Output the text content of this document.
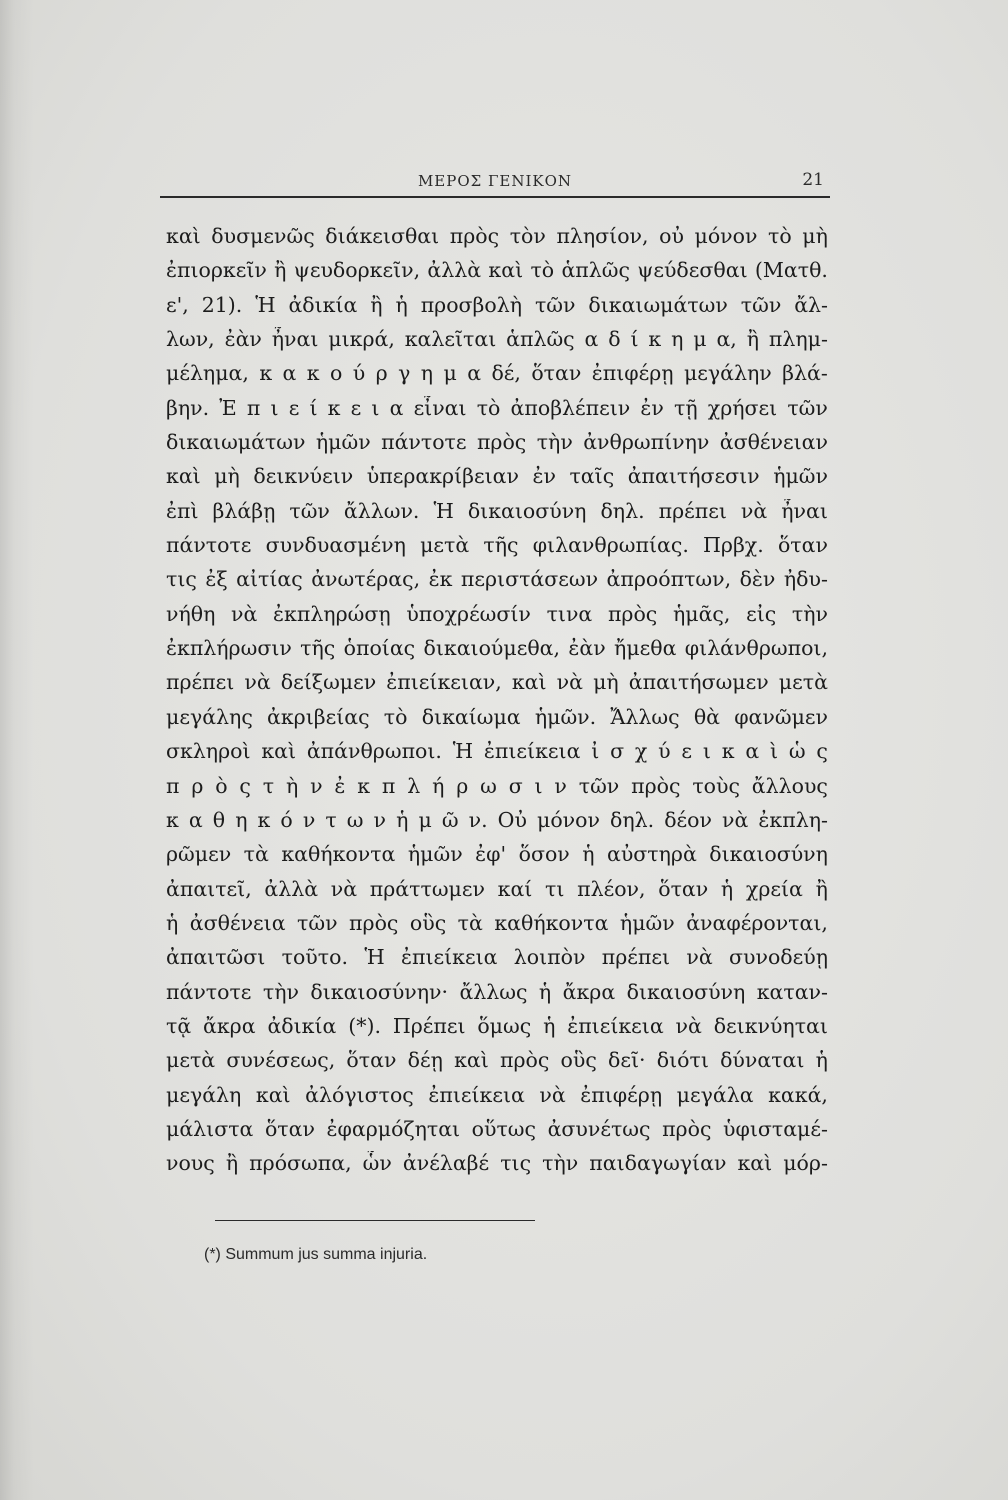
ΜΕΡΟΣ ΓΕΝΙΚΟΝ	21
καὶ δυσμενῶς διάκεισθαι πρὸς τὸν πλησίον, οὐ μόνον τὸ μὴ
ἐπιορκεῖν ἢ ψευδορκεῖν, ἀλλὰ καὶ τὸ ἁπλῶς ψεύδεσθαι (Ματθ.
ε', 21). Ἡ ἀδικία ἢ ἡ προσβολὴ τῶν δικαιωμάτων τῶν ἄλ-
λων, ἐὰν ἦναι μικρά, καλεῖται ἁπλῶς α δ ί κ η μ α, ἢ πλημ-
μέλημα, κ α κ ο ύ ρ γ η μ α δέ, ὅταν ἐπιφέρῃ μεγάλην βλά-
βην. Ἐ π ι ε ί κ ε ι α εἶναι τὸ ἀποβλέπειν ἐν τῇ χρήσει τῶν
δικαιωμάτων ἡμῶν πάντοτε πρὸς τὴν ἀνθρωπίνην ἀσθένειαν
καὶ μὴ δεικνύειν ὑπερακρίβειαν ἐν ταῖς ἀπαιτήσεσιν ἡμῶν
ἐπὶ βλάβῃ τῶν ἄλλων. Ἡ δικαιοσύνη δηλ. πρέπει νὰ ἦναι
πάντοτε συνδυασμένη μετὰ τῆς φιλανθρωπίας. Πρβχ. ὅταν
τις ἐξ αἰτίας ἀνωτέρας, ἐκ περιστάσεων ἀπροόπτων, δὲν ἠδυ-
νήθη νὰ ἐκπληρώσῃ ὑποχρέωσίν τινα πρὸς ἡμᾶς, εἰς τὴν
ἐκπλήρωσιν τῆς ὁποίας δικαιούμεθα, ἐὰν ἤμεθα φιλάνθρωποι,
πρέπει νὰ δείξωμεν ἐπιείκειαν, καὶ νὰ μὴ ἀπαιτήσωμεν μετὰ
μεγάλης ἀκριβείας τὸ δικαίωμα ἡμῶν. Ἄλλως θὰ φανῶμεν
σκληροὶ καὶ ἀπάνθρωποι. Ἡ ἐπιείκεια ἰ σ χ ύ ε ι κ α ὶ ὡ ς
π ρ ὸ ς τ ὴ ν ἐ κ π λ ή ρ ω σ ι ν τῶν πρὸς τοὺς ἄλλους
κ α θ η κ ό ν τ ω ν ἡ μ ῶ ν. Οὐ μόνον δηλ. δέον νὰ ἐκπλη-
ρῶμεν τὰ καθήκοντα ἡμῶν ἐφ' ὅσον ἡ αὐστηρὰ δικαιοσύνη
ἀπαιτεῖ, ἀλλὰ νὰ πράττωμεν καί τι πλέον, ὅταν ἡ χρεία ἢ
ἡ ἀσθένεια τῶν πρὸς οὓς τὰ καθήκοντα ἡμῶν ἀναφέρονται,
ἀπαιτῶσι τοῦτο. Ἡ ἐπιείκεια λοιπὸν πρέπει νὰ συνοδεύῃ
πάντοτε τὴν δικαιοσύνην· ἄλλως ἡ ἄκρα δικαιοσύνη καταν-
τᾷ ἄκρα ἀδικία (*). Πρέπει ὅμως ἡ ἐπιείκεια νὰ δεικνύηται
μετὰ συνέσεως, ὅταν δέῃ καὶ πρὸς οὓς δεῖ· διότι δύναται ἡ
μεγάλη καὶ ἀλόγιστος ἐπιείκεια νὰ ἐπιφέρῃ μεγάλα κακά,
μάλιστα ὅταν ἐφαρμόζηται οὕτως ἀσυνέτως πρὸς ὑφισταμέ-
νους ἢ πρόσωπα, ὧν ἀνέλαβέ τις τὴν παιδαγωγίαν καὶ μόρ-
(*) Summum jus summa injuria.
